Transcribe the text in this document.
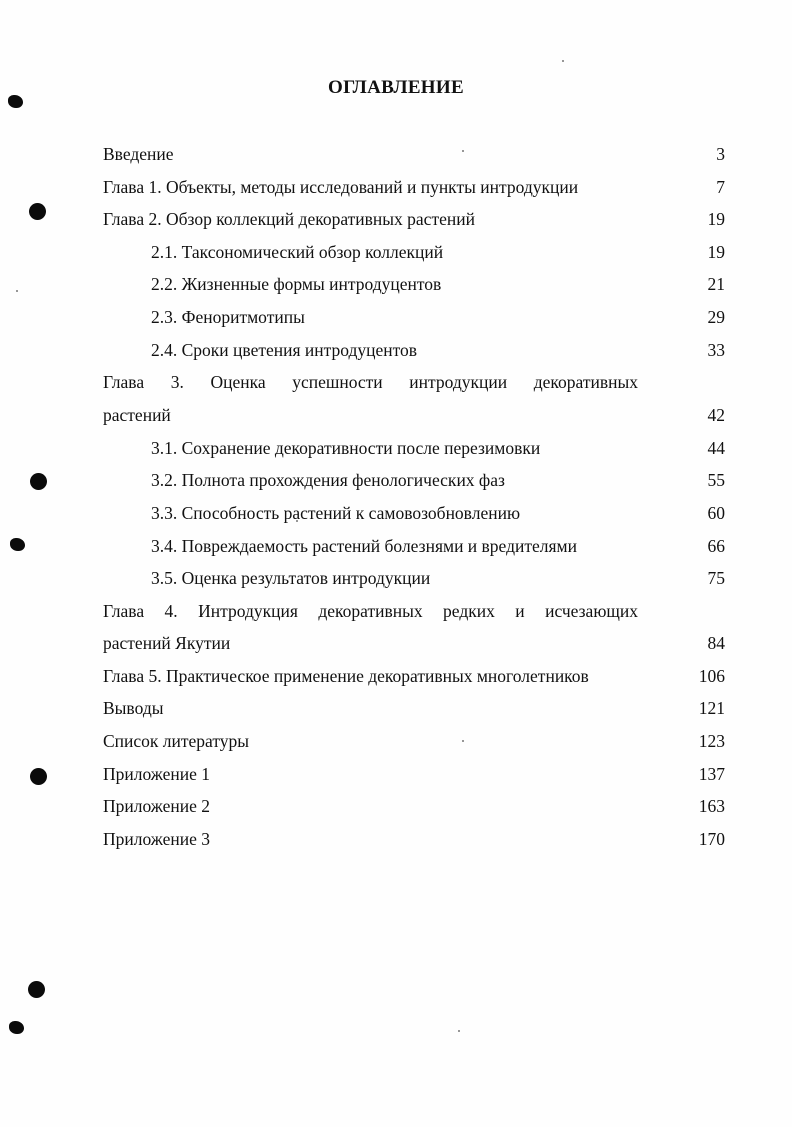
ОГЛАВЛЕНИЕ
Введение	3
Глава 1. Объекты, методы исследований и пункты интродукции	7
Глава 2. Обзор коллекций декоративных растений	19
2.1. Таксономический обзор коллекций	19
2.2. Жизненные формы интродуцентов	21
2.3. Феноритмотипы	29
2.4. Сроки цветения интродуцентов	33
Глава 3. Оценка успешности интродукции декоративных
растений	42
3.1. Сохранение декоративности после перезимовки	44
3.2. Полнота прохождения фенологических фаз	55
3.3. Способность растений к самовозобновлению	60
3.4. Повреждаемость растений болезнями и вредителями	66
3.5. Оценка результатов интродукции	75
Глава 4. Интродукция декоративных редких и исчезающих
растений Якутии	84
Глава 5. Практическое применение декоративных многолетников	106
Выводы	121
Список литературы	123
Приложение 1	137
Приложение 2	163
Приложение 3	170
